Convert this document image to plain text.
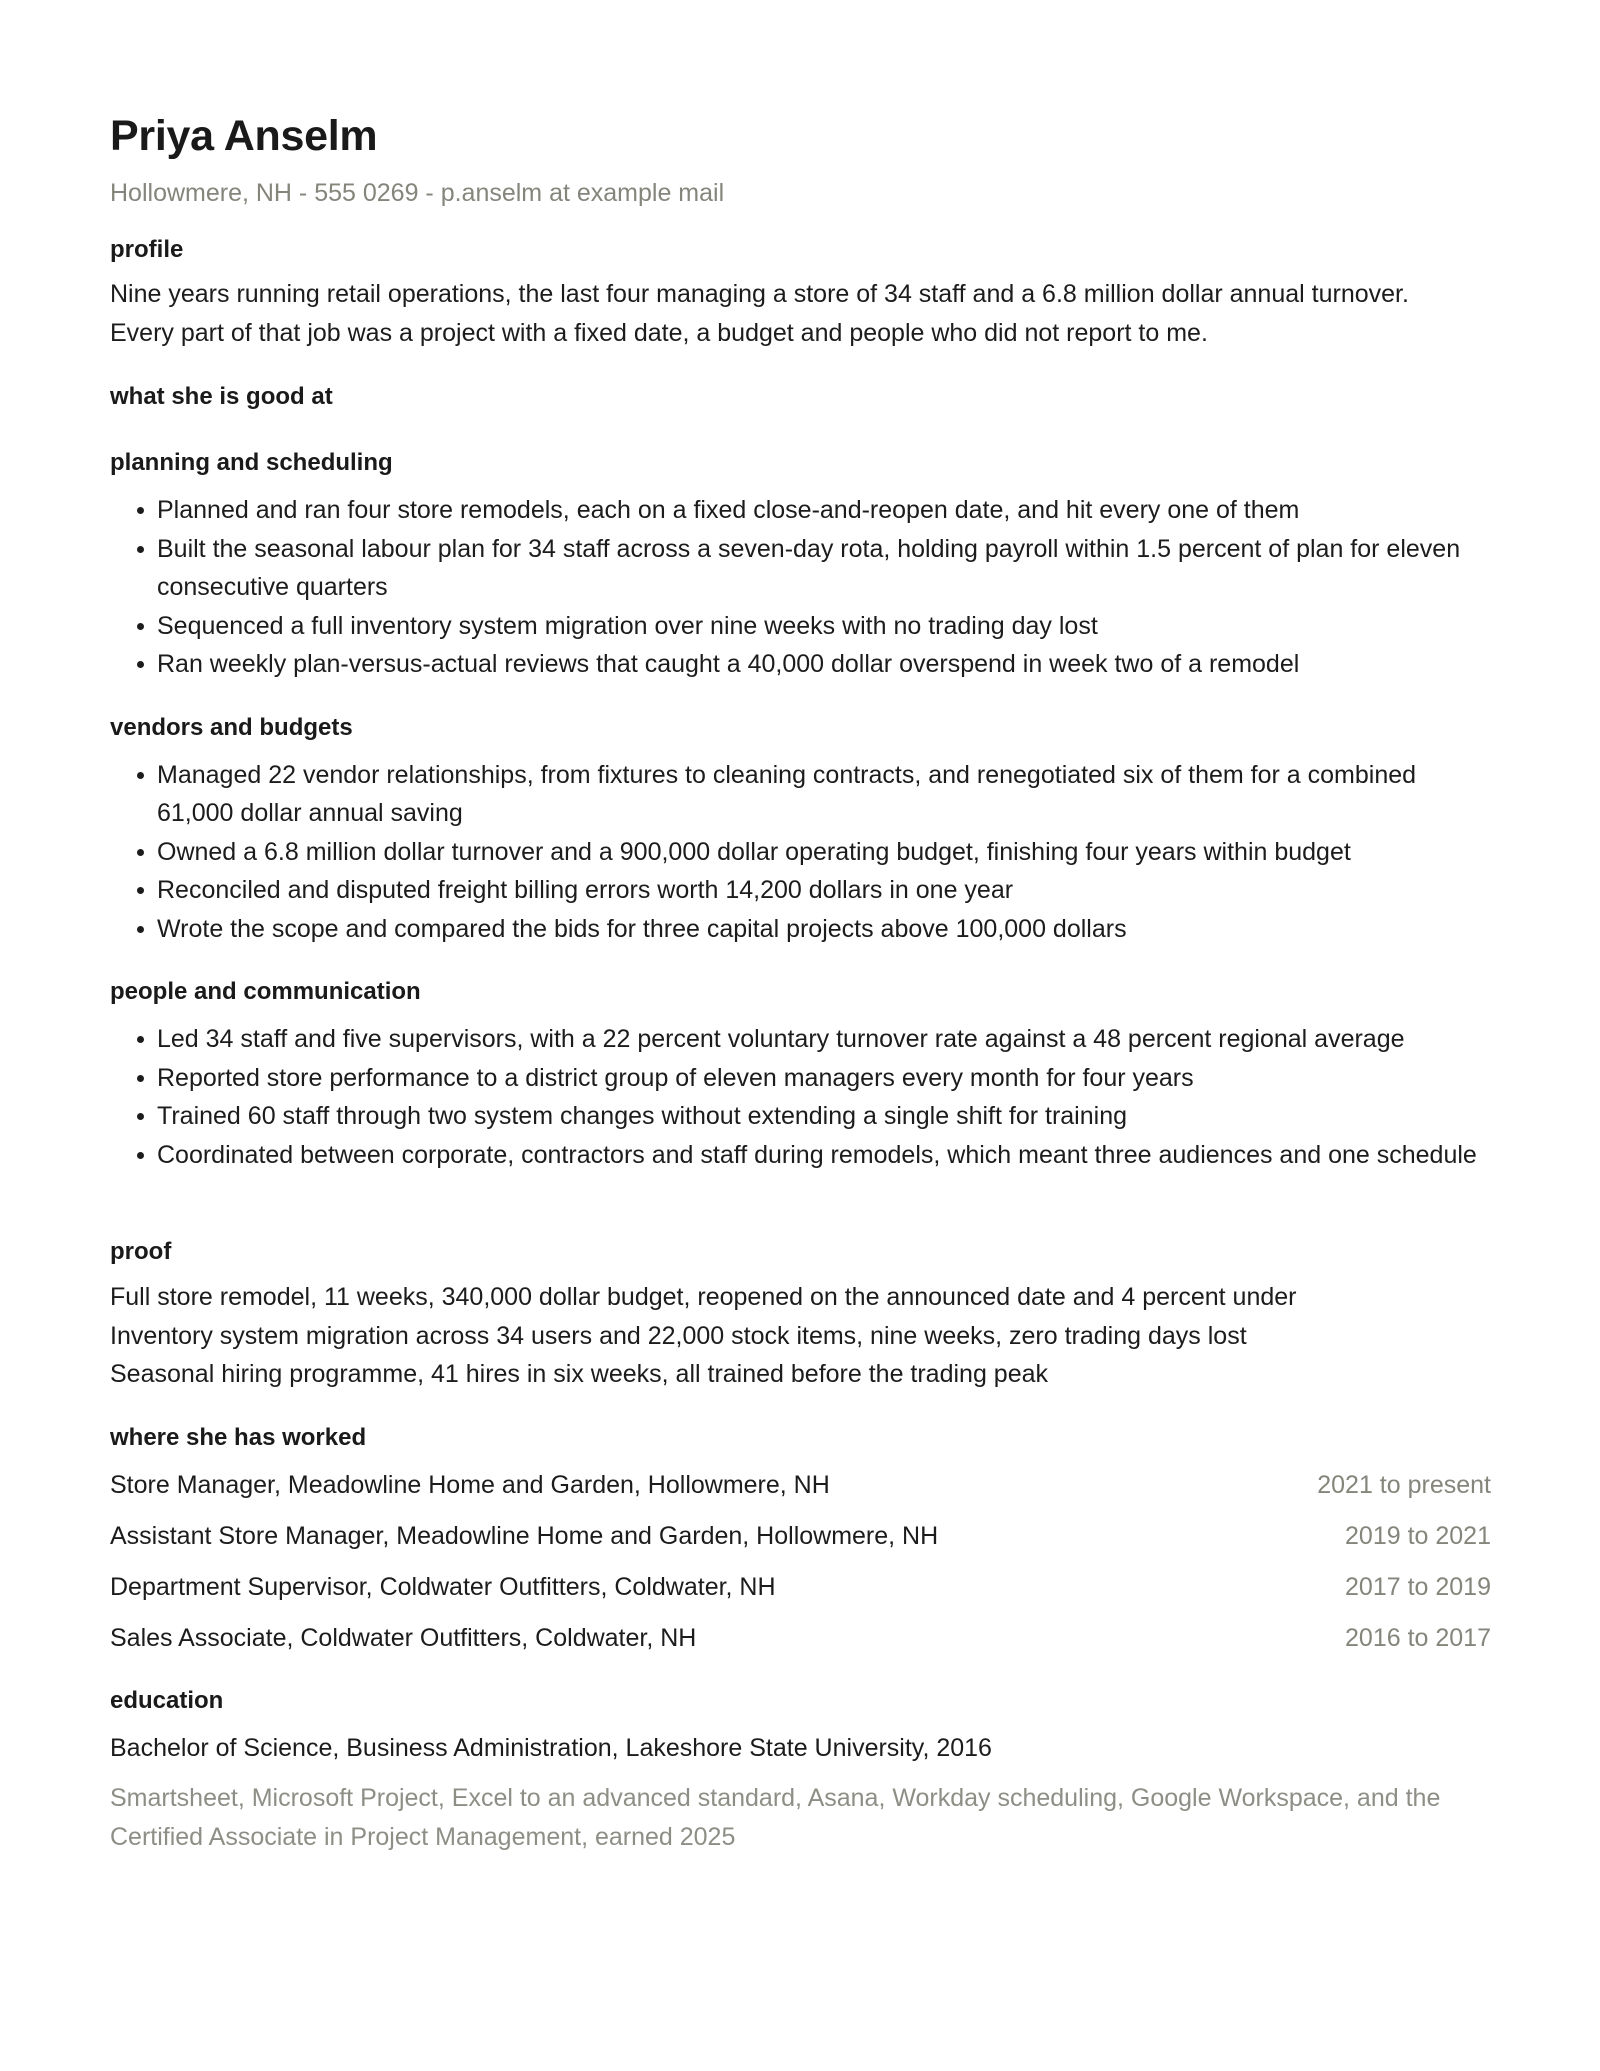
Priya Anselm
Hollowmere, NH - 555 0269 - p.anselm at example mail
profile
Nine years running retail operations, the last four managing a store of 34 staff and a 6.8 million dollar annual turnover.
Every part of that job was a project with a fixed date, a budget and people who did not report to me.
what she is good at
planning and scheduling
Planned and ran four store remodels, each on a fixed close-and-reopen date, and hit every one of them
Built the seasonal labour plan for 34 staff across a seven-day rota, holding payroll within 1.5 percent of plan for eleven consecutive quarters
Sequenced a full inventory system migration over nine weeks with no trading day lost
Ran weekly plan-versus-actual reviews that caught a 40,000 dollar overspend in week two of a remodel
vendors and budgets
Managed 22 vendor relationships, from fixtures to cleaning contracts, and renegotiated six of them for a combined 61,000 dollar annual saving
Owned a 6.8 million dollar turnover and a 900,000 dollar operating budget, finishing four years within budget
Reconciled and disputed freight billing errors worth 14,200 dollars in one year
Wrote the scope and compared the bids for three capital projects above 100,000 dollars
people and communication
Led 34 staff and five supervisors, with a 22 percent voluntary turnover rate against a 48 percent regional average
Reported store performance to a district group of eleven managers every month for four years
Trained 60 staff through two system changes without extending a single shift for training
Coordinated between corporate, contractors and staff during remodels, which meant three audiences and one schedule
proof
Full store remodel, 11 weeks, 340,000 dollar budget, reopened on the announced date and 4 percent under
Inventory system migration across 34 users and 22,000 stock items, nine weeks, zero trading days lost
Seasonal hiring programme, 41 hires in six weeks, all trained before the trading peak
where she has worked
Store Manager, Meadowline Home and Garden, Hollowmere, NH	2021 to present
Assistant Store Manager, Meadowline Home and Garden, Hollowmere, NH	2019 to 2021
Department Supervisor, Coldwater Outfitters, Coldwater, NH	2017 to 2019
Sales Associate, Coldwater Outfitters, Coldwater, NH	2016 to 2017
education
Bachelor of Science, Business Administration, Lakeshore State University, 2016
Smartsheet, Microsoft Project, Excel to an advanced standard, Asana, Workday scheduling, Google Workspace, and the Certified Associate in Project Management, earned 2025
